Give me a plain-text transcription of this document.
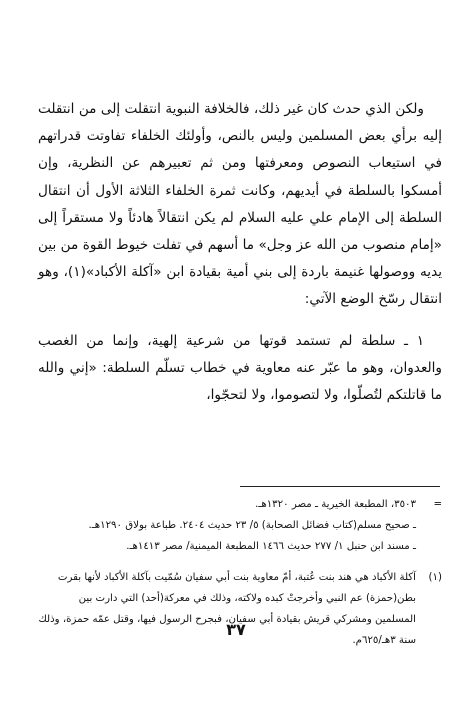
ولكن الذي حدث كان غير ذلك، فالخلافة النبوية انتقلت إلى من انتقلت إليه برأي بعض المسلمين وليس بالنص، وأولئك الخلفاء تفاوتت قدراتهم في استيعاب النصوص ومعرفتها ومن ثم تعبيرهم عن النظرية، وإن أمسكوا بالسلطة في أيديهم، وكانت ثمرة الخلفاء الثلاثة الأول أن انتقال السلطة إلى الإمام علي عليه السلام لم يكن انتقالاً هادئاً ولا مستقراً إلى «إمام منصوب من الله عز وجل» ما أسهم في تفلت خيوط القوة من بين يديه ووصولها غنيمة باردة إلى بني أمية بقيادة ابن «آكلة الأكباد»(١)، وهو انتقال رسّخ الوضع الآتي:

١ ـ سلطة لم تستمد قوتها من شرعية إلهية، وإنما من الغصب والعدوان، وهو ما عبّر عنه معاوية في خطاب تسلّم السلطة: «إني والله ما قاتلتكم لتُصلّوا، ولا لتصوموا، ولا لتحجّوا،

=
٣٥٠٣، المطبعة الخيرية ـ مصر ١٣٢٠هـ.
ـ صحيح مسلم(كتاب فضائل الصحابة) ٥/ ٢٣ حديث ٢٤٠٤. طباعة بولاق ١٢٩٠هـ.
ـ مسند ابن حنبل ١/ ٢٧٧ حديث ١٤٦٦ المطبعة الميمنية/ مصر ١٤١٣هـ.
(١)
آكلة الأكباد هي هند بنت عُتبة، أمّ معاوية بنت أبي سفيان سُمّيت بآكلة الأكباد لأنها بقرت بطن(حمزة) عم النبي وأخرجتْ كبده ولاكته، وذلك في معركة(أحد) التي دارت بين المسلمين ومشركي قريش بقيادة أبي سفيان، فبجرح الرسول فيها، وقتل عمّه حمزة، وذلك سنة ٣هـ/٦٢٥م.
٣٧
